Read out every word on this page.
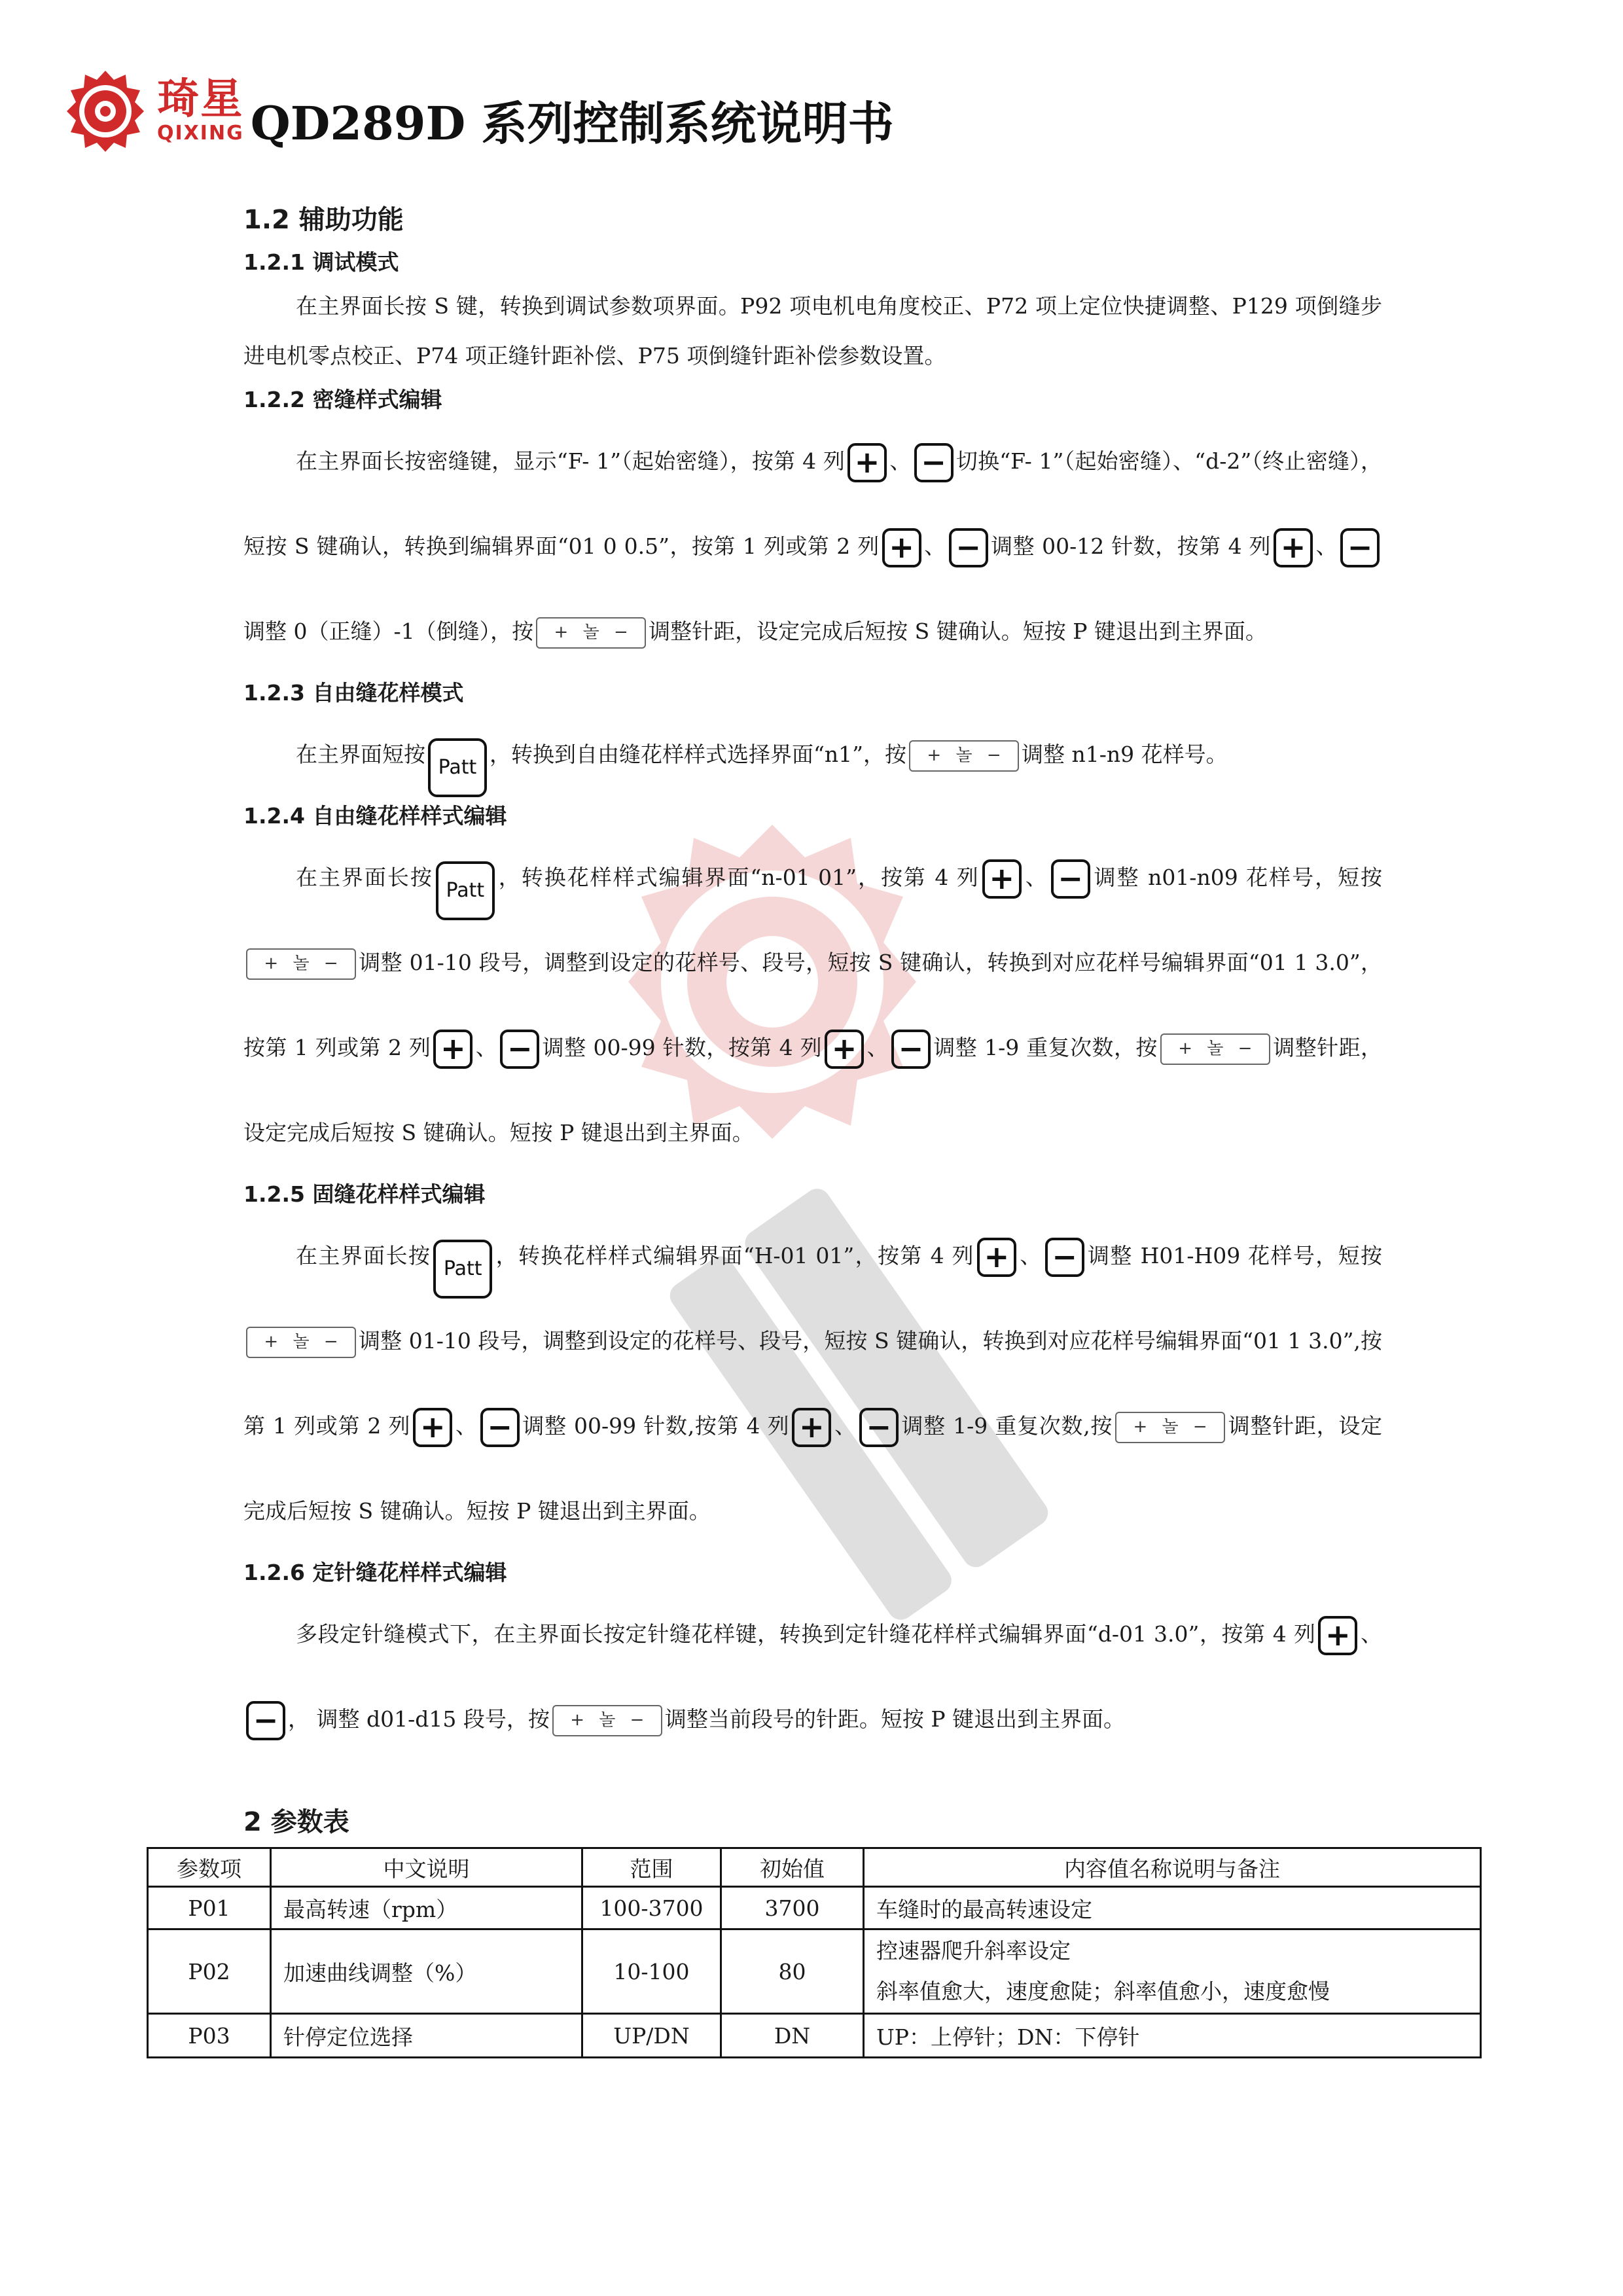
琦星
QIXING QD289D 系列控制系统说明书
1.2 辅助功能
1.2.1 调试模式

在主界面长按 S 键，转换到调试参数项界面。P92 项电机电角度校正、P72 项上定位快捷调整、P129 项倒缝步进电机零点校正、P74 项正缝针距补偿、P75 项倒缝针距补偿参数设置。

1.2.2 密缝样式编辑

在主界面长按密缝键，显示“F- 1”（起始密缝），按第 4 列 + 、 − 切换“F- 1”（起始密缝）、“d-2”（终止密缝），短按 S 键确认，转换到编辑界面“01 0 0.5”，按第 1 列或第 2 列 + 、 − 调整 00-12 针数，按第 4 列 + 、 −调整 0（正缝）-1（倒缝），按 + 놀 − 调整针距，设定完成后短按 S 键确认。短按 P 键退出到主界面。

1.2.3 自由缝花样模式

在主界面短按Patt，转换到自由缝花样样式选择界面“n1”，按 + 놀 − 调整 n1-n9 花样号。

1.2.4 自由缝花样样式编辑

在主界面长按Patt，转换花样样式编辑界面“n-01 01”，按第 4 列 + 、 − 调整 n01-n09 花样号，短按+ 놀 − 调整 01-10 段号，调整到设定的花样号、段号，短按 S 键确认，转换到对应花样号编辑界面“01 1 3.0”，按第 1 列或第 2 列 + 、 − 调整 00-99 针数，按第 4 列 + 、 − 调整 1-9 重复次数，按 + 놀 − 调整针距，设定完成后短按 S 键确认。短按 P 键退出到主界面。

1.2.5 固缝花样样式编辑

在主界面长按Patt，转换花样样式编辑界面“H-01 01”，按第 4 列 + 、 − 调整 H01-H09 花样号，短按+ 놀 − 调整 01-10 段号，调整到设定的花样号、段号，短按 S 键确认，转换到对应花样号编辑界面“01 1 3.0”,按第 1 列或第 2 列 + 、 − 调整 00-99 针数,按第 4 列 + 、 − 调整 1-9 重复次数,按 + 놀 − 调整针距，设定完成后短按 S 键确认。短按 P 键退出到主界面。

1.2.6 定针缝花样样式编辑

多段定针缝模式下，在主界面长按定针缝花样键，转换到定针缝花样样式编辑界面“d-01 3.0”，按第 4 列 + 、− ， 调整 d01-d15 段号，按 + 놀 − 调整当前段号的针距。短按 P 键退出到主界面。

2 参数表
参数项	中文说明	范围	初始值	内容值名称说明与备注
P01	最高转速（rpm）	100-3700	3700	车缝时的最高转速设定
P02	加速曲线调整（%）	10-100	80	控速器爬升斜率设定
斜率值愈大，速度愈陡；斜率值愈小，速度愈慢

P03	针停定位选择	UP/DN	DN	UP：上停针；DN：下停针
